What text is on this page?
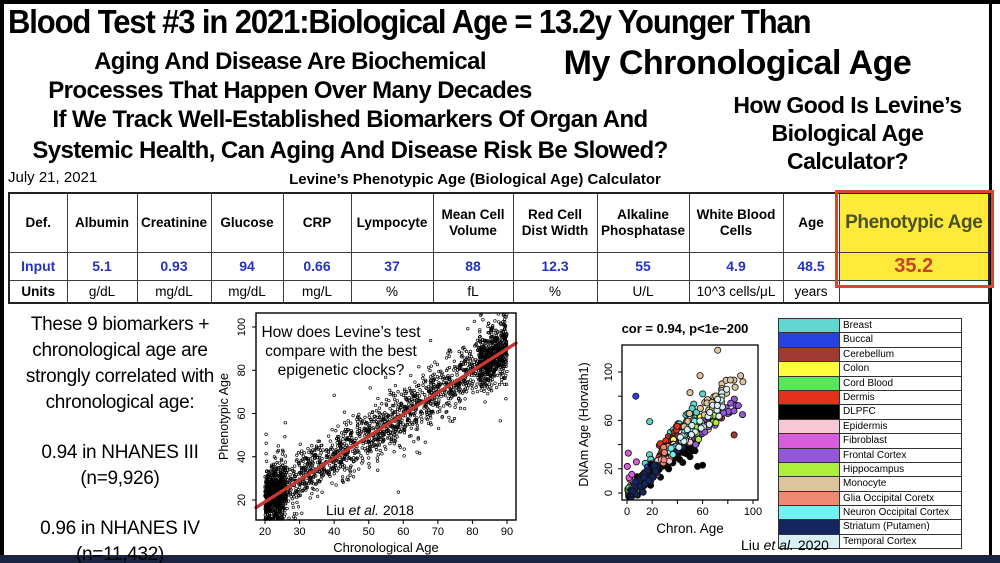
Blood Test #3 in 2021:Biological Age = 13.2y Younger Than
My Chronological Age
Aging And Disease Are Biochemical
Processes That Happen Over Many Decades
If We Track Well-Established Biomarkers Of Organ And
Systemic Health, Can Aging And Disease Risk Be Slowed?
How Good Is Levine’s
Biological Age
Calculator?
July 21, 2021	Levine’s Phenotypic Age (Biological Age) Calculator
Def.	Albumin	Creatinine	Glucose	CRP	Lympocyte	Mean Cell Volume	Red Cell Dist Width	Alkaline Phosphatase	White Blood Cells	Age	Phenotypic Age
Input	5.1	0.93	94	0.66	37	88	12.3	55	4.9	48.5	35.2
Units	g/dL	mg/dL	mg/dL	mg/L	%	fL	%	U/L	10^3 cells/μL	years	

These 9 biomarkers +
chronological age are
strongly correlated with
chronological age:

0.94 in NHANES III
(n=9,926)

0.96 in NHANES IV
(n=11,432)

How does Levine’s test
compare with the best
epigenetic clocks?
Liu et al. 2018
20 30 40 50 60 70 80 90
20
40
60
80
100
Chronological Age
Phenotypic Age
cor = 0.94, p<1e−200
0 20	60	100
0
20
60
100
Chron. Age
DNAm Age (Horvath1)
Breast
Buccal
Cerebellum
Colon
Cord Blood
Dermis
DLPFC
Epidermis
Fibroblast
Frontal Cortex
Hippocampus
Monocyte
Glia Occipital Coretx
Neuron Occipital Cortex
Striatum (Putamen)
Temporal Cortex
Liu et al. 2020
